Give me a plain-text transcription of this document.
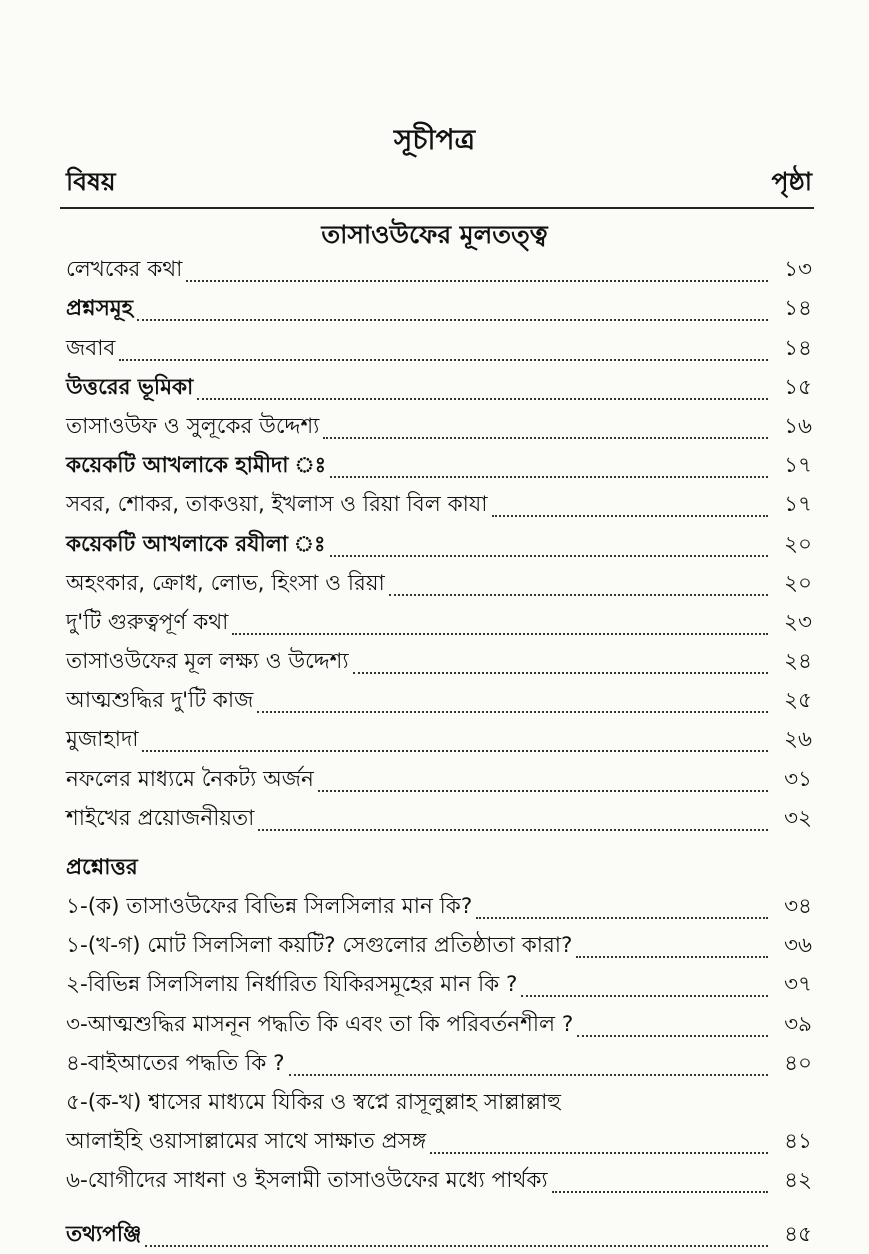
সূচীপত্র
বিষয়	পৃষ্ঠা
তাসাওউফের মূলতত্ত্ব
লেখকের কথা	১৩
প্রশ্নসমূহ	১৪
জবাব	১৪
উত্তরের ভূমিকা	১৫
তাসাওউফ ও সুলূকের উদ্দেশ্য	১৬
কয়েকটি আখলাকে হামীদা ঃ	১৭
সবর, শোকর, তাকওয়া, ইখলাস ও রিয়া বিল কাযা	১৭
কয়েকটি আখলাকে রযীলা ঃ	২০
অহংকার, ক্রোধ, লোভ, হিংসা ও রিয়া	২০
দু'টি গুরুত্বপূর্ণ কথা	২৩
তাসাওউফের মূল লক্ষ্য ও উদ্দেশ্য	২৪
আত্মশুদ্ধির দু'টি কাজ	২৫
মুজাহাদা	২৬
নফলের মাধ্যমে নৈকট্য অর্জন	৩১
শাইখের প্রয়োজনীয়তা	৩২
প্রশ্নোত্তর
১-(ক) তাসাওউফের বিভিন্ন সিলসিলার মান কি?	৩৪
১-(খ-গ) মোট সিলসিলা কয়টি? সেগুলোর প্রতিষ্ঠাতা কারা?	৩৬
২-বিভিন্ন সিলসিলায় নির্ধারিত যিকিরসমূহের মান কি ?	৩৭
৩-আত্মশুদ্ধির মাসনূন পদ্ধতি কি এবং তা কি পরিবর্তনশীল ?	৩৯
৪-বাইআতের পদ্ধতি কি ?	৪০
৫-(ক-খ) শ্বাসের মাধ্যমে যিকির ও স্বপ্নে রাসূলুল্লাহ সাল্লাল্লাহু
আলাইহি ওয়াসাল্লামের সাথে সাক্ষাত প্রসঙ্গ	৪১
৬-যোগীদের সাধনা ও ইসলামী তাসাওউফের মধ্যে পার্থক্য	৪২
তথ্যপঞ্জি	৪৫
